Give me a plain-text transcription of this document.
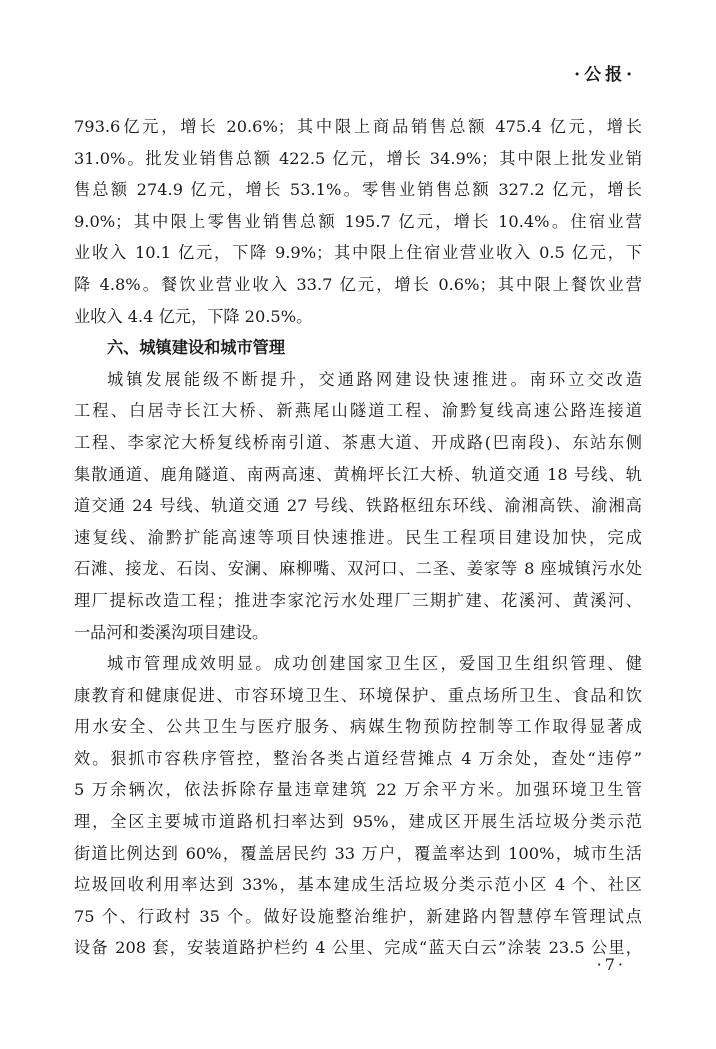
·公报·
793.6亿元，增长 20.6%；其中限上商品销售总额 475.4 亿元，增长
31.0%。批发业销售总额 422.5 亿元，增长 34.9%；其中限上批发业销
售总额 274.9 亿元，增长 53.1%。零售业销售总额 327.2 亿元，增长
9.0%；其中限上零售业销售总额 195.7 亿元，增长 10.4%。住宿业营
业收入 10.1 亿元，下降 9.9%；其中限上住宿业营业收入 0.5 亿元，下
降 4.8%。餐饮业营业收入 33.7 亿元，增长 0.6%；其中限上餐饮业营
业收入 4.4 亿元，下降 20.5%。
六、城镇建设和城市管理
城镇发展能级不断提升，交通路网建设快速推进。南环立交改造
工程、白居寺长江大桥、新燕尾山隧道工程、渝黔复线高速公路连接道
工程、李家沱大桥复线桥南引道、茶惠大道、开成路(巴南段)、东站东侧
集散通道、鹿角隧道、南两高速、黄桷坪长江大桥、轨道交通 18 号线、轨
道交通 24 号线、轨道交通 27 号线、铁路枢纽东环线、渝湘高铁、渝湘高
速复线、渝黔扩能高速等项目快速推进。民生工程项目建设加快，完成
石滩、接龙、石岗、安澜、麻柳嘴、双河口、二圣、姜家等 8 座城镇污水处
理厂提标改造工程；推进李家沱污水处理厂三期扩建、花溪河、黄溪河、
一品河和娄溪沟项目建设。
城市管理成效明显。成功创建国家卫生区，爱国卫生组织管理、健
康教育和健康促进、市容环境卫生、环境保护、重点场所卫生、食品和饮
用水安全、公共卫生与医疗服务、病媒生物预防控制等工作取得显著成
效。狠抓市容秩序管控，整治各类占道经营摊点 4 万余处，查处“违停”
5 万余辆次，依法拆除存量违章建筑 22 万余平方米。加强环境卫生管
理，全区主要城市道路机扫率达到 95%，建成区开展生活垃圾分类示范
街道比例达到 60%，覆盖居民约 33 万户，覆盖率达到 100%，城市生活
垃圾回收利用率达到 33%，基本建成生活垃圾分类示范小区 4 个、社区
75 个、行政村 35 个。做好设施整治维护，新建路内智慧停车管理试点
设备 208 套，安装道路护栏约 4 公里、完成“蓝天白云”涂装 23.5 公里，
·7·
